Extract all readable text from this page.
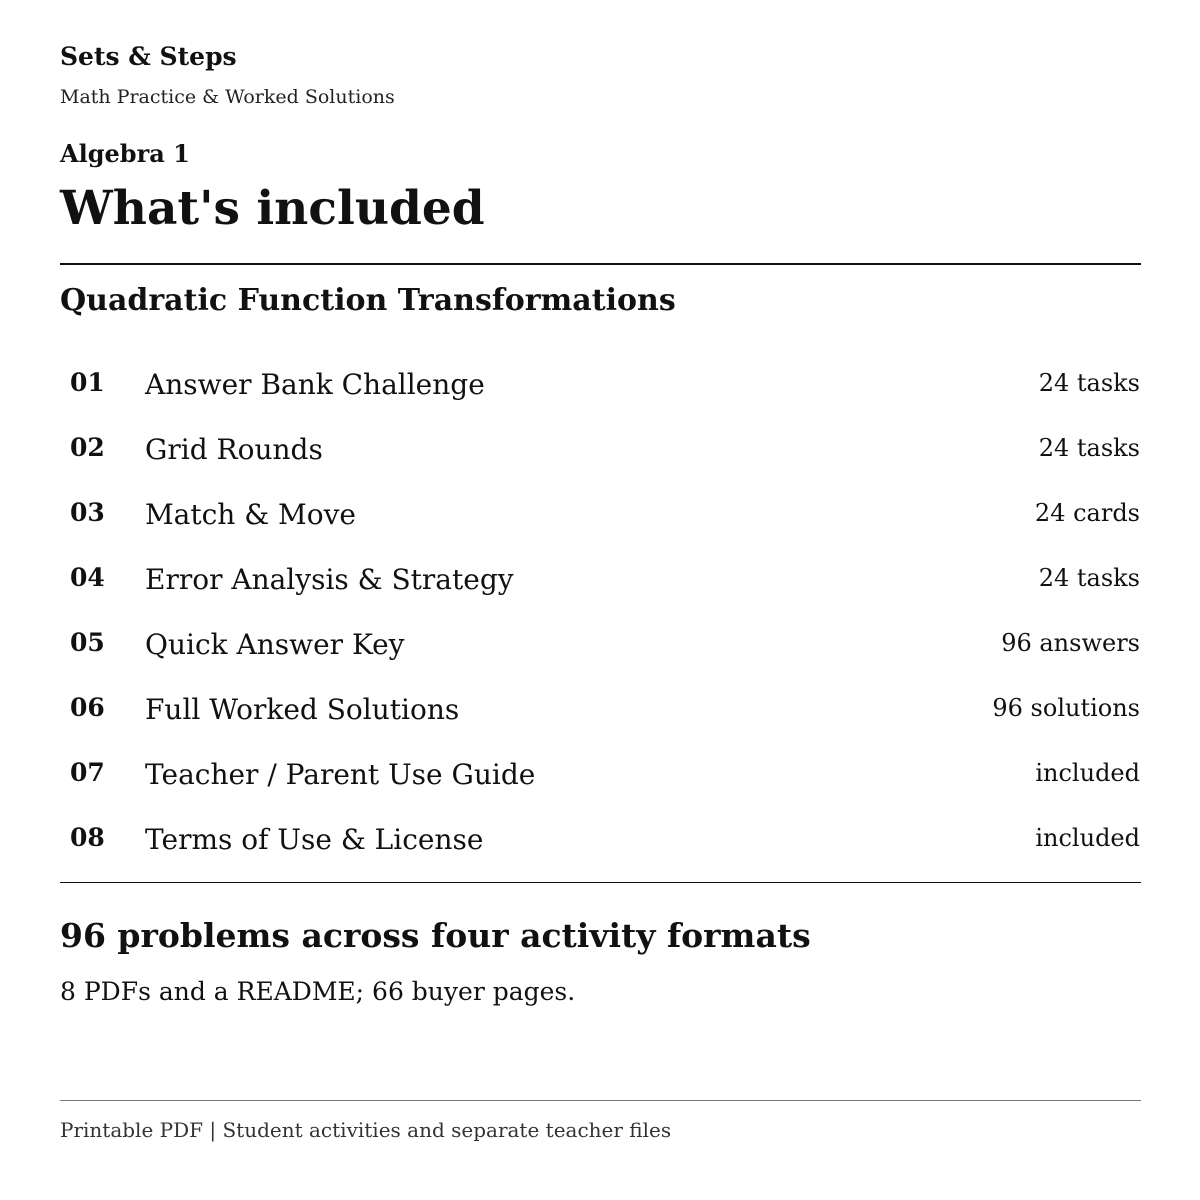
Sets & Steps
Math Practice & Worked Solutions
Algebra 1
What's included
Quadratic Function Transformations
01 Answer Bank Challenge	24 tasks
02 Grid Rounds	24 tasks
03 Match & Move	24 cards
04 Error Analysis & Strategy	24 tasks
05 Quick Answer Key	96 answers
06 Full Worked Solutions	96 solutions
07 Teacher / Parent Use Guide	included
08 Terms of Use & License	included
96 problems across four activity formats

8 PDFs and a README; 66 buyer pages.

Printable PDF | Student activities and separate teacher files
